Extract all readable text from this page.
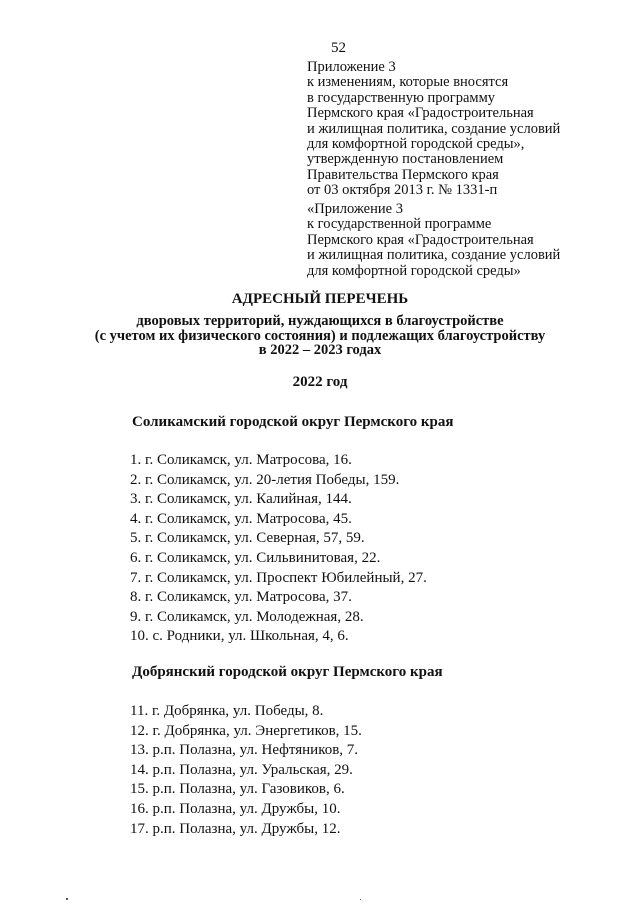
52
Приложение 3
к изменениям, которые вносятся
в государственную программу
Пермского края «Градостроительная
и жилищная политика, создание условий
для комфортной городской среды»,
утвержденную постановлением
Правительства Пермского края
от 03 октября 2013 г. № 1331-п
«Приложение 3
к государственной программе
Пермского края «Градостроительная
и жилищная политика, создание условий
для комфортной городской среды»
АДРЕСНЫЙ ПЕРЕЧЕНЬ
дворовых территорий, нуждающихся в благоустройстве
(с учетом их физического состояния) и подлежащих благоустройству
в 2022 – 2023 годах
2022 год
Соликамский городской округ Пермского края
1. г. Соликамск, ул. Матросова, 16.
2. г. Соликамск, ул. 20-летия Победы, 159.
3. г. Соликамск, ул. Калийная, 144.
4. г. Соликамск, ул. Матросова, 45.
5. г. Соликамск, ул. Северная, 57, 59.
6. г. Соликамск, ул. Сильвинитовая, 22.
7. г. Соликамск, ул. Проспект Юбилейный, 27.
8. г. Соликамск, ул. Матросова, 37.
9. г. Соликамск, ул. Молодежная, 28.
10. с. Родники, ул. Школьная, 4, 6.
Добрянский городской округ Пермского края
11. г. Добрянка, ул. Победы, 8.
12. г. Добрянка, ул. Энергетиков, 15.
13. р.п. Полазна, ул. Нефтяников, 7.
14. р.п. Полазна, ул. Уральская, 29.
15. р.п. Полазна, ул. Газовиков, 6.
16. р.п. Полазна, ул. Дружбы, 10.
17. р.п. Полазна, ул. Дружбы, 12.
